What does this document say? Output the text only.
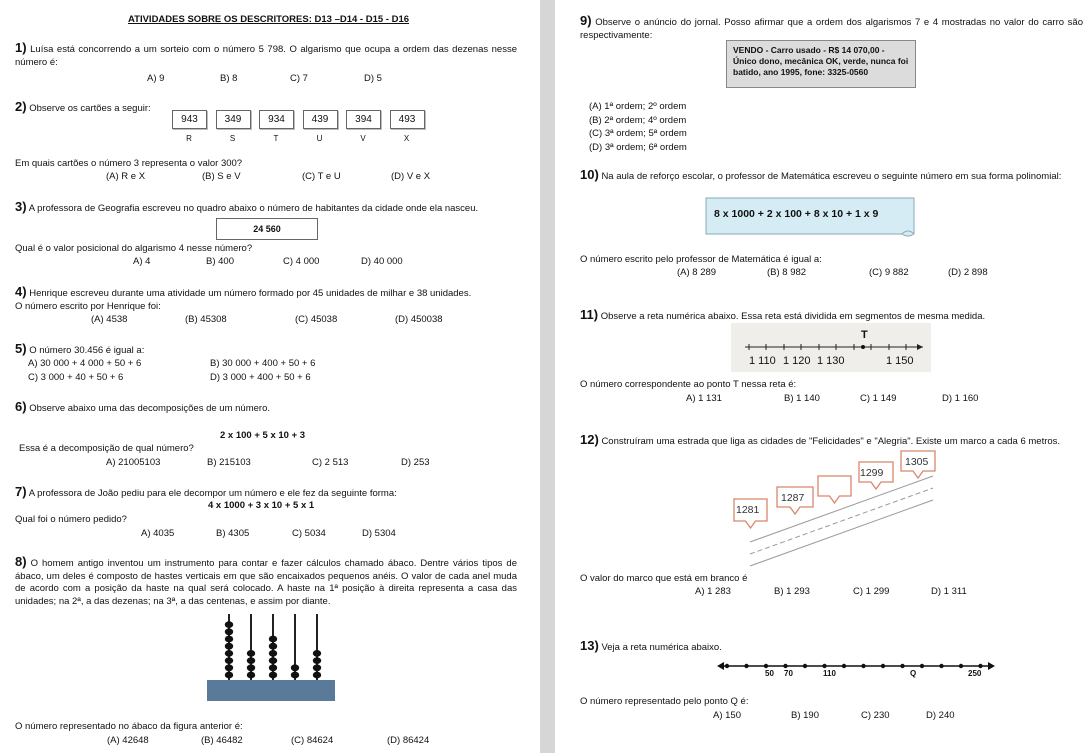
ATIVIDADES SOBRE OS DESCRITORES: D13 –D14 - D15 - D16
1) Luísa está concorrendo a um sorteio com o número 5 798. O algarismo que ocupa a ordem das dezenas nesse número é:
A) 9	B) 8	C) 7	D) 5
2) Observe os cartões a seguir:
943
R
349
S
934
T
439
U
394
V
493
X
Em quais cartões o número 3 representa o valor 300?
(A) R e X	(B) S e V	(C) T e U	(D) V e X
3) A professora de Geografia escreveu no quadro abaixo o número de habitantes da cidade onde ela nasceu.
24 560
Qual é o valor posicional do algarismo 4 nesse número?
A) 4	B) 400	C) 4 000	D) 40 000
4) Henrique escreveu durante uma atividade um número formado por 45 unidades de milhar e 38 unidades.
O número escrito por Henrique foi:
(A) 4538	(B) 45308	(C) 45038	(D) 450038
5) O número 30.456 é igual a:
A) 30 000 + 4 000 + 50 + 6	B) 30 000 + 400 + 50 + 6
C) 3 000 + 40 + 50 + 6	D) 3 000 + 400 + 50 + 6
6) Observe abaixo uma das decomposições de um número.
2 x 100 + 5 x 10 + 3
Essa é a decomposição de qual número?
A) 21005103	B) 215103	C) 2 513	D) 253
7) A professora de João pediu para ele decompor um número e ele fez da seguinte forma:
4 x 1000 + 3 x 10 + 5 x 1
Qual foi o número pedido?
A) 4035	B) 4305	C) 5034	D) 5304
8) O homem antigo inventou um instrumento para contar e fazer cálculos chamado ábaco. Dentre vários tipos de ábaco, um deles é composto de hastes verticais em que são encaixados pequenos anéis. O valor de cada anel muda de acordo com a posição da haste na qual será colocado. A haste na 1ª posição à direita representa a casa das unidades; na 2ª, a das dezenas; na 3ª, a das centenas, e assim por diante.
O número representado no ábaco da figura anterior é:
(A) 42648	(B) 46482	(C) 84624	(D) 86424
9) Observe o anúncio do jornal. Posso afirmar que a ordem dos algarismos 7 e 4 mostradas no valor do carro são respectivamente:
VENDO - Carro usado - R$ 14 070,00 - Único dono, mecânica OK, verde, nunca foi batido, ano 1995, fone: 3325-0560
(A) 1ª ordem; 2º ordem
(B) 2ª ordem; 4º ordem
(C) 3ª ordem; 5ª ordem
(D) 3ª ordem; 6ª ordem
10) Na aula de reforço escolar, o professor de Matemática escreveu o seguinte número em sua forma polinomial:
8 x 1000 + 2 x 100 + 8 x 10 + 1 x 9
O número escrito pelo professor de Matemática é igual a:
(A) 8 289	(B) 8 982	(C) 9 882	(D) 2 898
11) Observe a reta numérica abaixo. Essa reta está dividida em segmentos de mesma medida.
T
1 110 1 120 1 130	1 150
O número correspondente ao ponto T nessa reta é:
A) 1 131	B) 1 140	C) 1 149	D) 1 160
12) Construíram uma estrada que liga as cidades de "Felicidades" e "Alegria". Existe um marco a cada 6 metros.
1281
1287
1299
1305
O valor do marco que está em branco é
A) 1 283	B) 1 293	C) 1 299	D) 1 311
13) Veja a reta numérica abaixo.
50 70	110	Q	250
O número representado pelo ponto Q é:
A) 150	B) 190	C) 230	D) 240
